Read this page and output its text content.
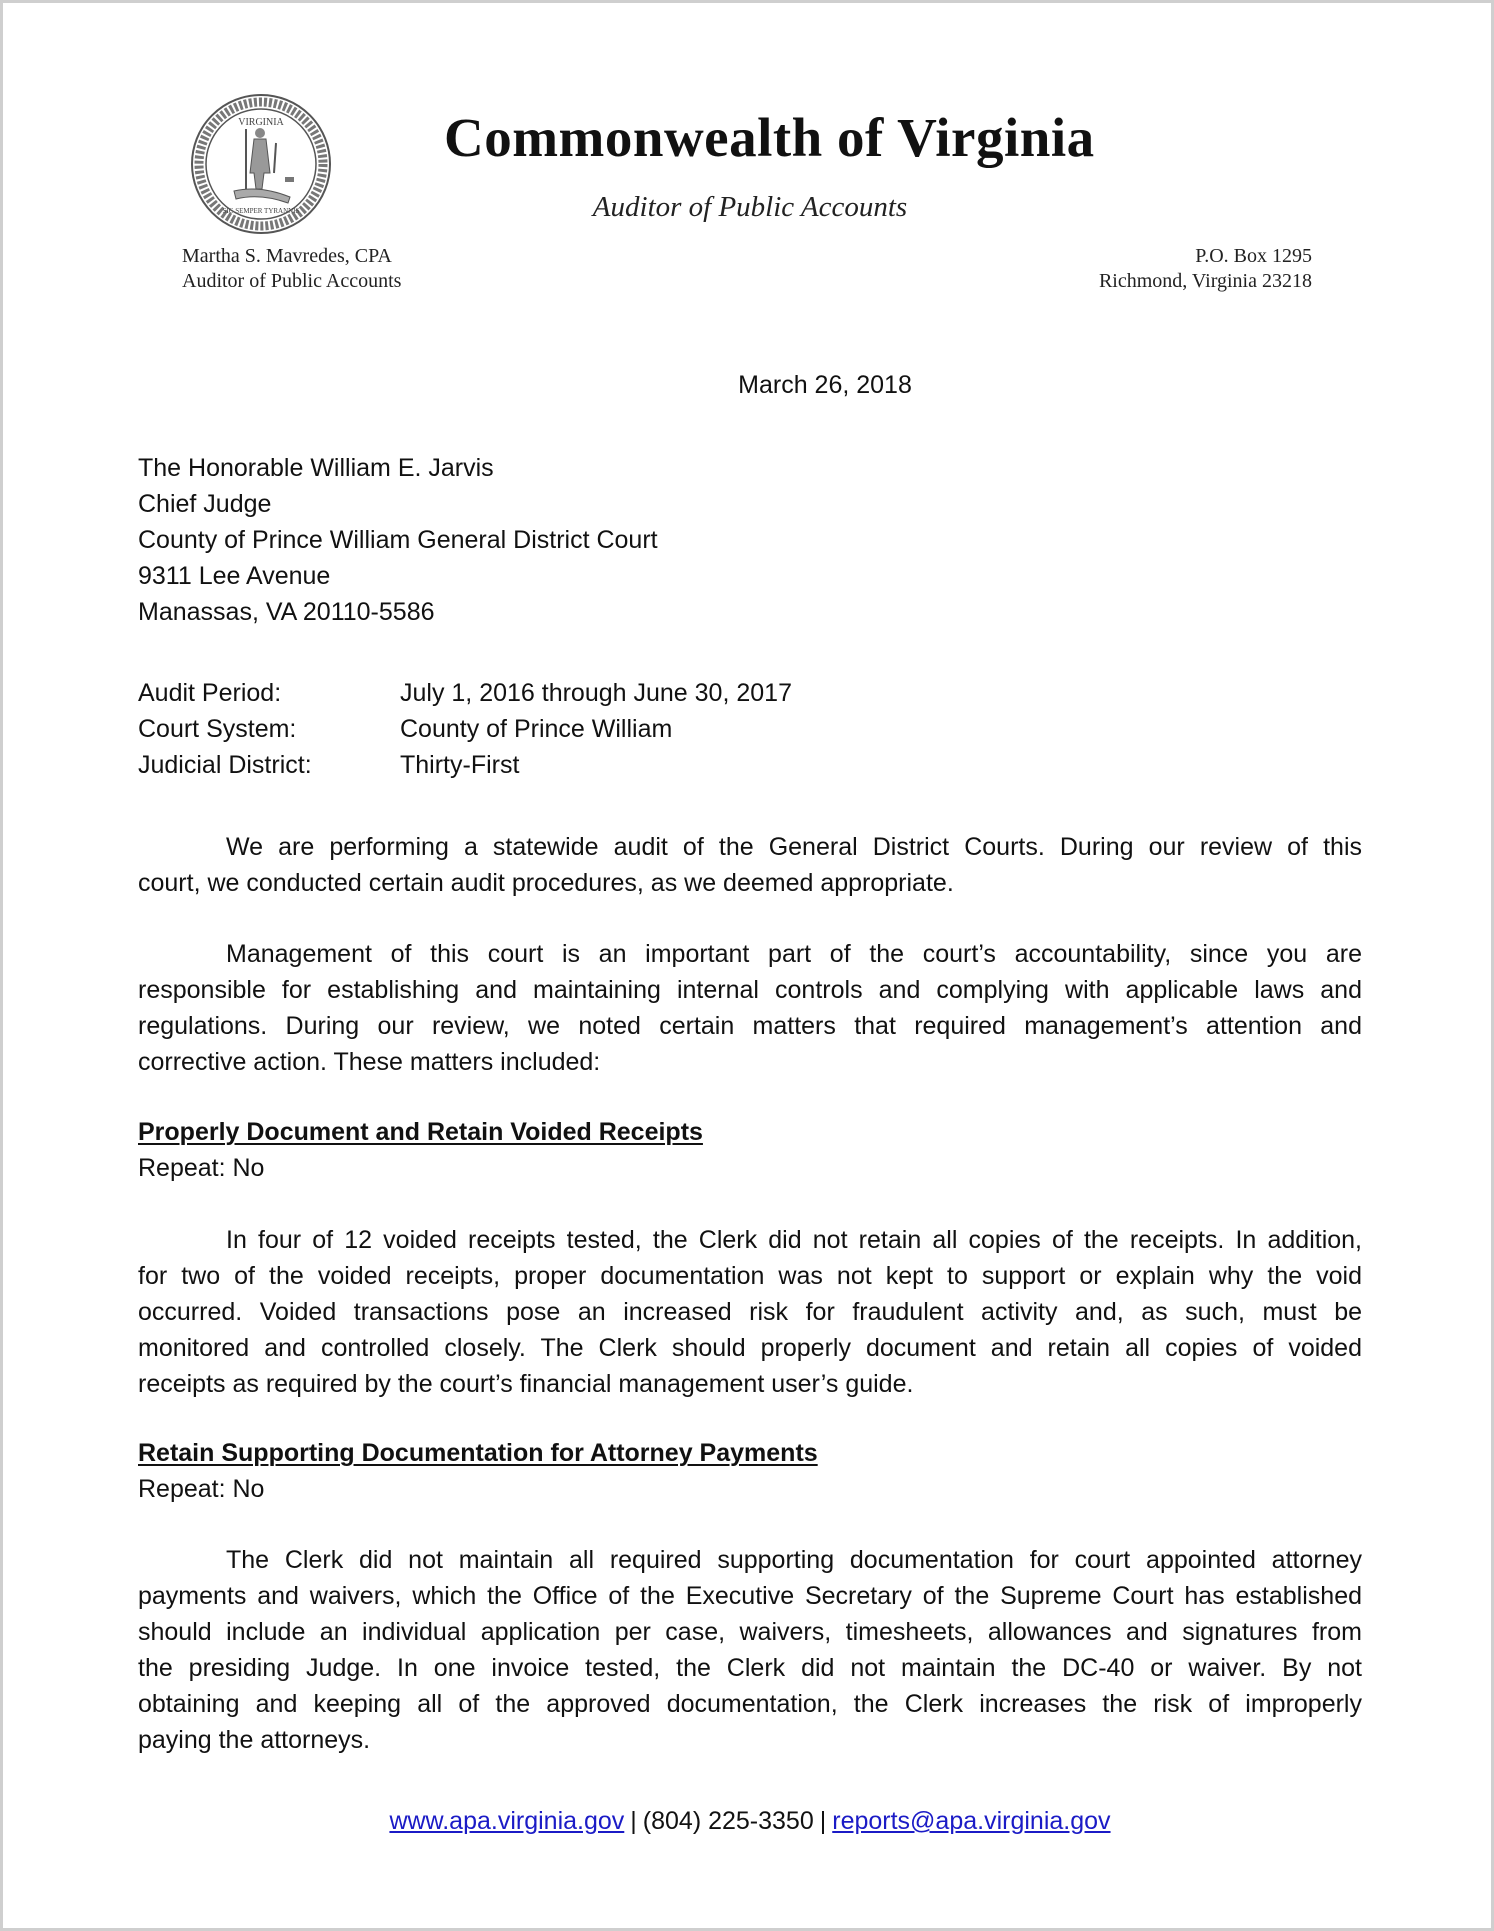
VIRGINIA
SIC SEMPER TYRANNIS
Commonwealth of Virginia
Auditor of Public Accounts
Martha S. Mavredes, CPA
Auditor of Public Accounts
P.O. Box 1295
Richmond, Virginia 23218
March 26, 2018
The Honorable William E. Jarvis
Chief Judge
County of Prince William General District Court
9311 Lee Avenue
Manassas, VA 20110-5586
Audit Period:	July 1, 2016 through June 30, 2017
Court System:	County of Prince William
Judicial District:	Thirty-First
We are performing a statewide audit of the General District Courts. During our review of this
court, we conducted certain audit procedures, as we deemed appropriate.
Management of this court is an important part of the court’s accountability, since you are
responsible for establishing and maintaining internal controls and complying with applicable laws and
regulations. During our review, we noted certain matters that required management’s attention and
corrective action. These matters included:
Properly Document and Retain Voided Receipts
Repeat: No
In four of 12 voided receipts tested, the Clerk did not retain all copies of the receipts. In addition,
for two of the voided receipts, proper documentation was not kept to support or explain why the void
occurred. Voided transactions pose an increased risk for fraudulent activity and, as such, must be
monitored and controlled closely. The Clerk should properly document and retain all copies of voided
receipts as required by the court’s financial management user’s guide.
Retain Supporting Documentation for Attorney Payments
Repeat: No
The Clerk did not maintain all required supporting documentation for court appointed attorney
payments and waivers, which the Office of the Executive Secretary of the Supreme Court has established
should include an individual application per case, waivers, timesheets, allowances and signatures from
the presiding Judge. In one invoice tested, the Clerk did not maintain the DC-40 or waiver. By not
obtaining and keeping all of the approved documentation, the Clerk increases the risk of improperly
paying the attorneys.
www.apa.virginia.gov | (804) 225-3350 | reports@apa.virginia.gov
